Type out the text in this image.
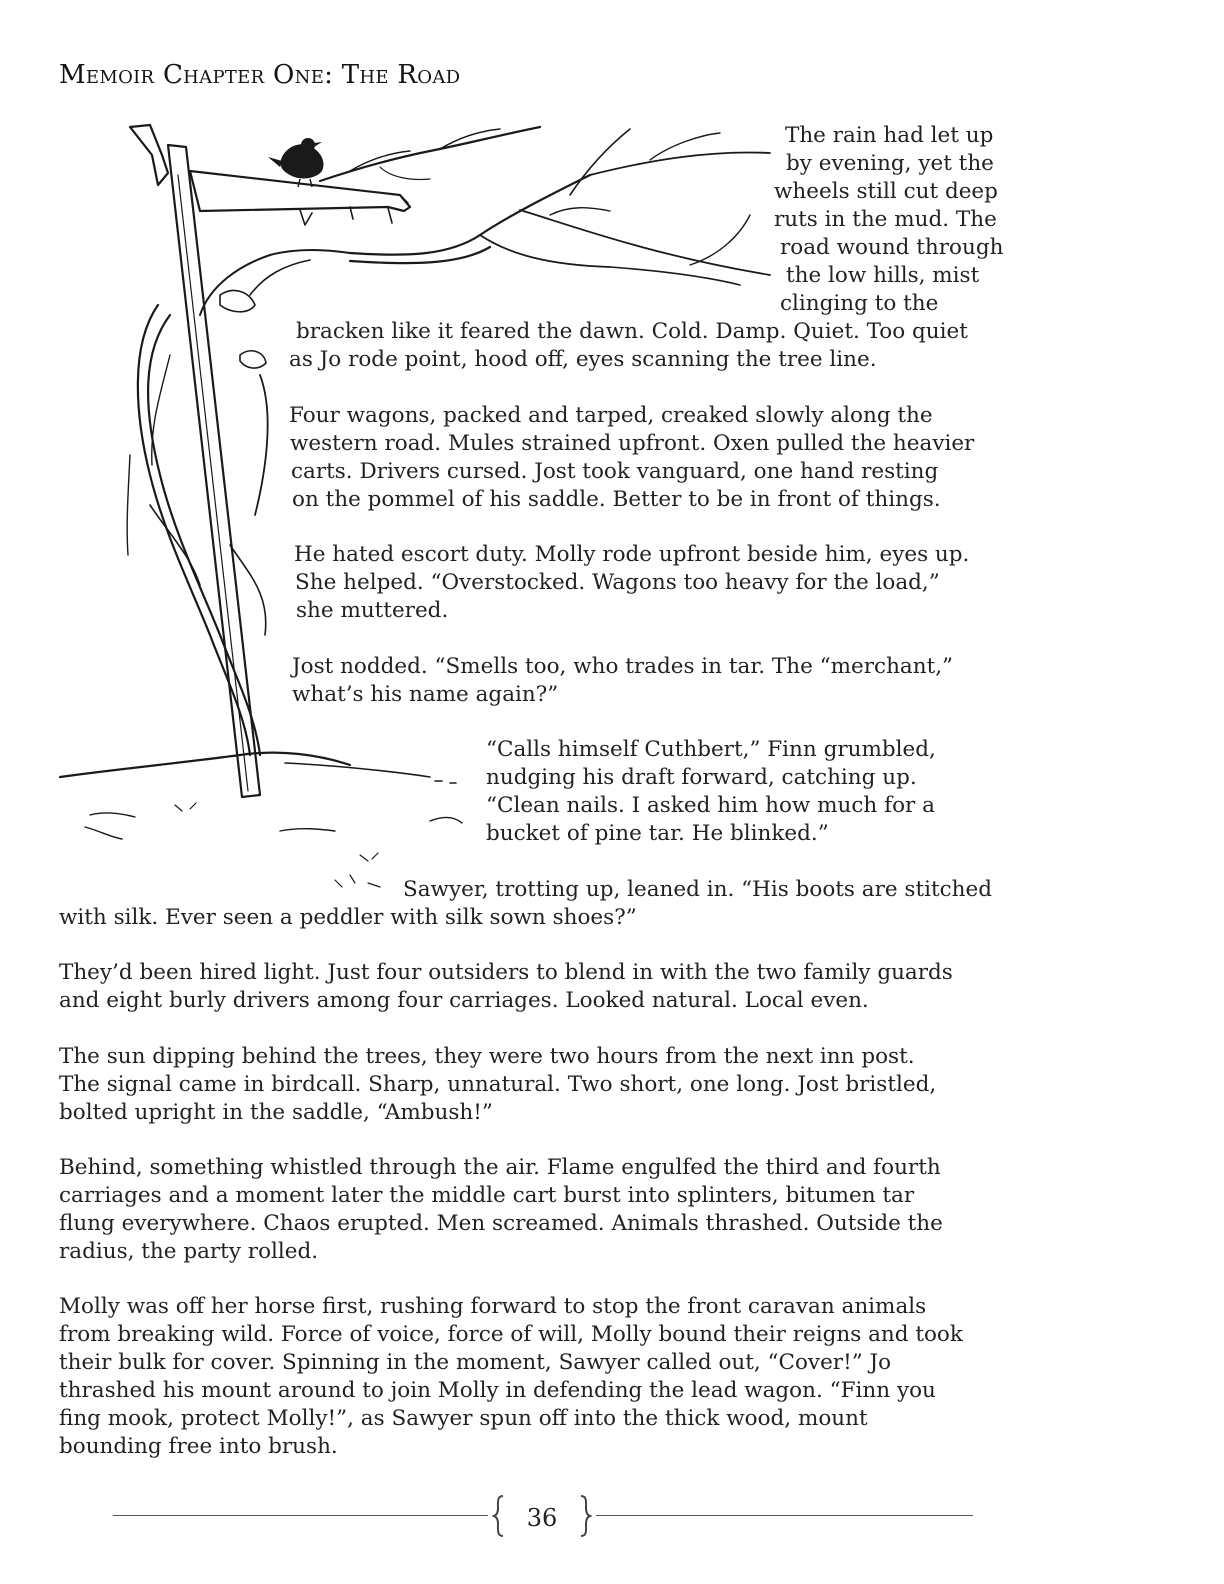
Memoir Chapter One: The Road

The rain had let up

by evening, yet the

wheels still cut deep

ruts in the mud. The

road wound through

the low hills, mist

clinging to the

bracken like it feared the dawn. Cold. Damp. Quiet. Too quiet

as Jo rode point, hood off, eyes scanning the tree line.

Four wagons, packed and tarped, creaked slowly along the

western road. Mules strained upfront. Oxen pulled the heavier

carts. Drivers cursed. Jost took vanguard, one hand resting

on the pommel of his saddle. Better to be in front of things.

He hated escort duty. Molly rode upfront beside him, eyes up.

She helped. “Overstocked. Wagons too heavy for the load,”

she muttered.

Jost nodded. “Smells too, who trades in tar. The “merchant,”

what’s his name again?”

“Calls himself Cuthbert,” Finn grumbled,

nudging his draft forward, catching up.

“Clean nails. I asked him how much for a

bucket of pine tar. He blinked.”

Sawyer, trotting up, leaned in. “His boots are stitched

with silk. Ever seen a peddler with silk sown shoes?”

They’d been hired light. Just four outsiders to blend in with the two family guards

and eight burly drivers among four carriages. Looked natural. Local even.

The sun dipping behind the trees, they were two hours from the next inn post.

The signal came in birdcall. Sharp, unnatural. Two short, one long. Jost bristled,

bolted upright in the saddle, “Ambush!”

Behind, something whistled through the air. Flame engulfed the third and fourth

carriages and a moment later the middle cart burst into splinters, bitumen tar

flung everywhere. Chaos erupted. Men screamed. Animals thrashed. Outside the

radius, the party rolled.

Molly was off her horse first, rushing forward to stop the front caravan animals

from breaking wild. Force of voice, force of will, Molly bound their reigns and took

their bulk for cover. Spinning in the moment, Sawyer called out, “Cover!” Jo

thrashed his mount around to join Molly in defending the lead wagon. “Finn you

fing mook, protect Molly!”, as Sawyer spun off into the thick wood, mount

bounding free into brush.

36
